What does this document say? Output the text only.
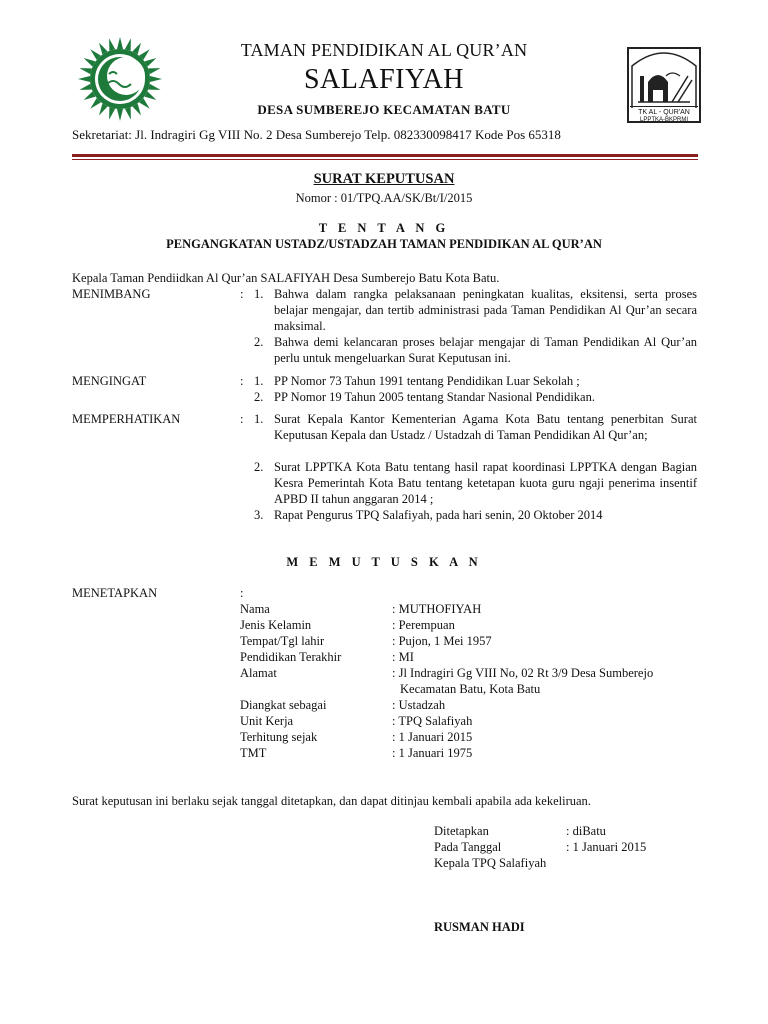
TK AL - QUR'AN
LPPTKA-BKPRMI
TAMAN PENDIDIKAN AL QUR’AN
SALAFIYAH
DESA SUMBEREJO KECAMATAN BATU
Sekretariat: Jl. Indragiri Gg VIII No. 2 Desa Sumberejo Telp. 082330098417 Kode Pos 65318
SURAT KEPUTUSAN
Nomor : 01/TPQ.AA/SK/Bt/I/2015
T E N T A N G
PENGANGKATAN USTADZ/USTADZAH TAMAN PENDIDIKAN AL QUR’AN
Kepala Taman Pendiidkan Al Qur’an SALAFIYAH Desa Sumberejo Batu Kota Batu.
MENIMBANG	: 1. Bahwa dalam rangka pelaksanaan peningkatan kualitas, eksitensi, serta proses belajar mengajar, dan tertib administrasi pada Taman Pendidikan Al Qur’an secara maksimal.
2. Bahwa demi kelancaran proses belajar mengajar di Taman Pendidikan Al Qur’an perlu untuk mengeluarkan Surat Keputusan ini.
MENGINGAT	: 1. PP Nomor 73 Tahun 1991 tentang Pendidikan Luar Sekolah ;
2. PP Nomor 19 Tahun 2005 tentang Standar Nasional Pendidikan.
MEMPERHATIKAN	: 1. Surat Kepala Kantor Kementerian Agama Kota Batu tentang penerbitan Surat Keputusan Kepala dan Ustadz / Ustadzah di Taman Pendidikan Al Qur’an;
2. Surat LPPTKA Kota Batu tentang hasil rapat koordinasi LPPTKA dengan Bagian Kesra Pemerintah Kota Batu tentang ketetapan kuota guru ngaji penerima insentif APBD II tahun anggaran 2014 ;
3. Rapat Pengurus TPQ Salafiyah, pada hari senin, 20 Oktober 2014
M E M U T U S K A N
MENETAPKAN	:
Nama	: MUTHOFIYAH
Jenis Kelamin	: Perempuan
Tempat/Tgl lahir	: Pujon, 1 Mei 1957
Pendidikan Terakhir	: MI
Alamat	: Jl Indragiri Gg VIII No, 02 Rt 3/9 Desa Sumberejo
Kecamatan Batu, Kota Batu
Diangkat sebagai	: Ustadzah
Unit Kerja	: TPQ Salafiyah
Terhitung sejak	: 1 Januari 2015
TMT	: 1 Januari 1975
Surat keputusan ini berlaku sejak tanggal ditetapkan, dan dapat ditinjau kembali apabila ada kekeliruan.
Ditetapkan	: diBatu
Pada Tanggal	: 1 Januari 2015
Kepala TPQ Salafiyah
RUSMAN HADI
